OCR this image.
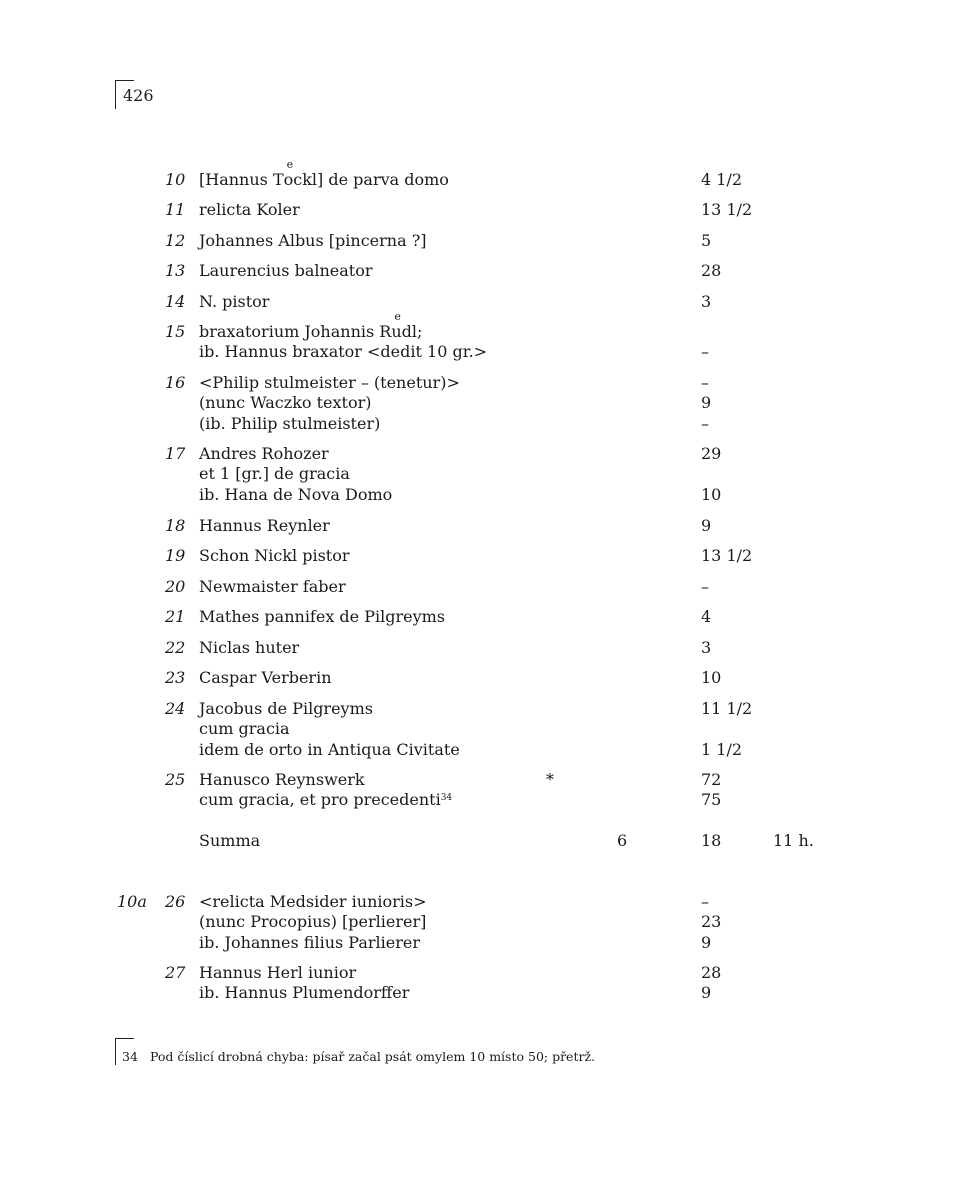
426
10 [Hannus Te ockl] de parva domo	4 1/2
11 relicta Koler	13 1/2
12 Johannes Albus [pincerna ?]	5
13 Laurencius balneator	28
14 N. pistor	3
15 braxatorium Johannis Re udl;
ib. Hannus braxator <dedit 10 gr.>	–
16 <Philip stulmeister – (tenetur)>	–
(nunc Waczko textor)	9
(ib. Philip stulmeister)	–
17 Andres Rohozer	29
et 1 [gr.] de gracia
ib. Hana de Nova Domo	10
18 Hannus Reynler	9
19 Schon Nickl pistor	13 1/2
20 Newmaister faber	–
21 Mathes pannifex de Pilgreyms	4
22 Niclas huter	3
23 Caspar Verberin	10
24 Jacobus de Pilgreyms	11 1/2
cum gracia
idem de orto in Antiqua Civitate	1 1/2
25 Hanusco Reynswerk	*	72
cum gracia, et pro precedenti$^{34}$	75
Summa	6	18	11 h.
10a 26 <relicta Medsider iunioris>	–
(nunc Procopius) [perlierer]	23
ib. Johannes filius Parlierer	9
27 Hannus Herl iunior	28
ib. Hannus Plumendorffer	9
34 Pod číslicí drobná chyba: písař začal psát omylem 10 místo 50; přetrž.
